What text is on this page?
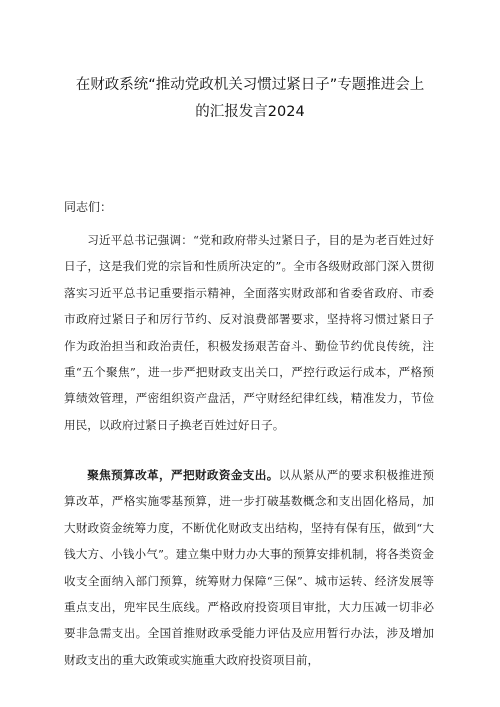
在财政系统“推动党政机关习惯过紧日子”专题推进会上
的汇报发言2024
同志们：
习近平总书记强调：“党和政府带头过紧日子，目的是为老百姓过好日子，这是我们党的宗旨和性质所决定的”。全市各级财政部门深入贯彻落实习近平总书记重要指示精神，全面落实财政部和省委省政府、市委市政府过紧日子和厉行节约、反对浪费部署要求，坚持将习惯过紧日子作为政治担当和政治责任，积极发扬艰苦奋斗、勤俭节约优良传统，注重“五个聚焦”，进一步严把财政支出关口，严控行政运行成本，严格预算绩效管理，严密组织资产盘活，严守财经纪律红线，精准发力，节俭用民，以政府过紧日子换老百姓过好日子。
聚焦预算改革，严把财政资金支出。以从紧从严的要求积极推进预算改革，严格实施零基预算，进一步打破基数概念和支出固化格局，加大财政资金统筹力度，不断优化财政支出结构，坚持有保有压，做到“大钱大方、小钱小气”。建立集中财力办大事的预算安排机制，将各类资金收支全面纳入部门预算，统筹财力保障“三保”、城市运转、经济发展等重点支出，兜牢民生底线。严格政府投资项目审批，大力压减一切非必要非急需支出。全国首推财政承受能力评估及应用暂行办法，涉及增加财政支出的重大政策或实施重大政府投资项目前，
